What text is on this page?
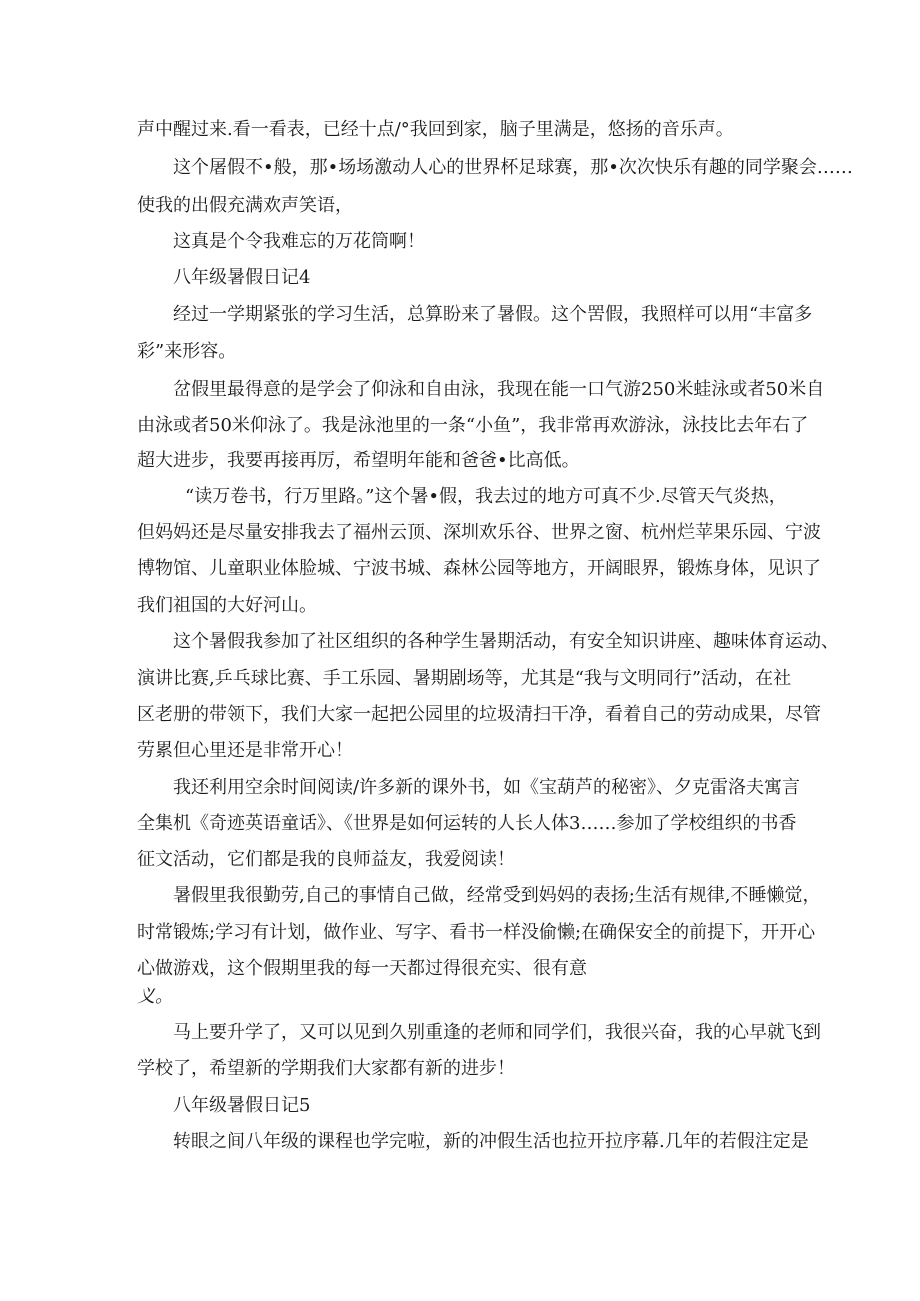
声中醒过来.看一看表，已经十点/°我回到家，脑子里满是，悠扬的音乐声。
这个屠假不•般，那•场场激动人心的世界杯足球赛，那•次次快乐有趣的同学聚会……
使我的出假充满欢声笑语，
这真是个令我难忘的万花筒啊！
八年级暑假日记4
经过一学期紧张的学习生活，总算盼来了暑假。这个罟假，我照样可以用“丰富多
彩”来形容。
岔假里最得意的是学会了仰泳和自由泳，我现在能一口气游250米蛙泳或者50米自
由泳或者50米仰泳了。我是泳池里的一条“小鱼”，我非常再欢游泳，泳技比去年右了
超大进步，我要再接再厉，希望明年能和爸爸•比高低。
“读万卷书，行万里路。”这个暑•假，我去过的地方可真不少.尽管天气炎热，
但妈妈还是尽量安排我去了福州云顶、深圳欢乐谷、世界之窗、杭州烂苹果乐园、宁波
博物馆、儿童职业体脸城、宁波书城、森林公园等地方，开阔眼界，锻炼身体，见识了
我们祖国的大好河山。
这个暑假我参加了社区组织的各种学生暑期活动，有安全知识讲座、趣味体育运动、
演讲比赛,乒乓球比赛、手工乐园、暑期剧场等，尤其是“我与文明同行”活动，在社
区老册的带领下，我们大家一起把公园里的垃圾清扫干净，看着自己的劳动成果，尽管
劳累但心里还是非常开心！
我还利用空余时间阅读/许多新的课外书，如《宝葫芦的秘密》、夕克雷洛夫寓言
全集机《奇迹英语童话》、《世界是如何运转的人长人体3……参加了学校组织的书香
征文活动，它们都是我的良师益友，我爱阅读！
暑假里我很勤劳,自己的事情自己做，经常受到妈妈的表扬;生活有规律,不睡懒觉，
时常锻炼;学习有计划，做作业、写字、看书一样没偷懒;在确保安全的前提下，开开心
心做游戏，这个假期里我的每一天都过得很充实、很有意
义。
马上要升学了，又可以见到久别重逢的老师和同学们，我很兴奋，我的心早就飞到
学校了，希望新的学期我们大家都有新的进步！
八年级暑假日记5
转眼之间八年级的课程也学完啦，新的冲假生活也拉开拉序幕.几年的若假注定是
